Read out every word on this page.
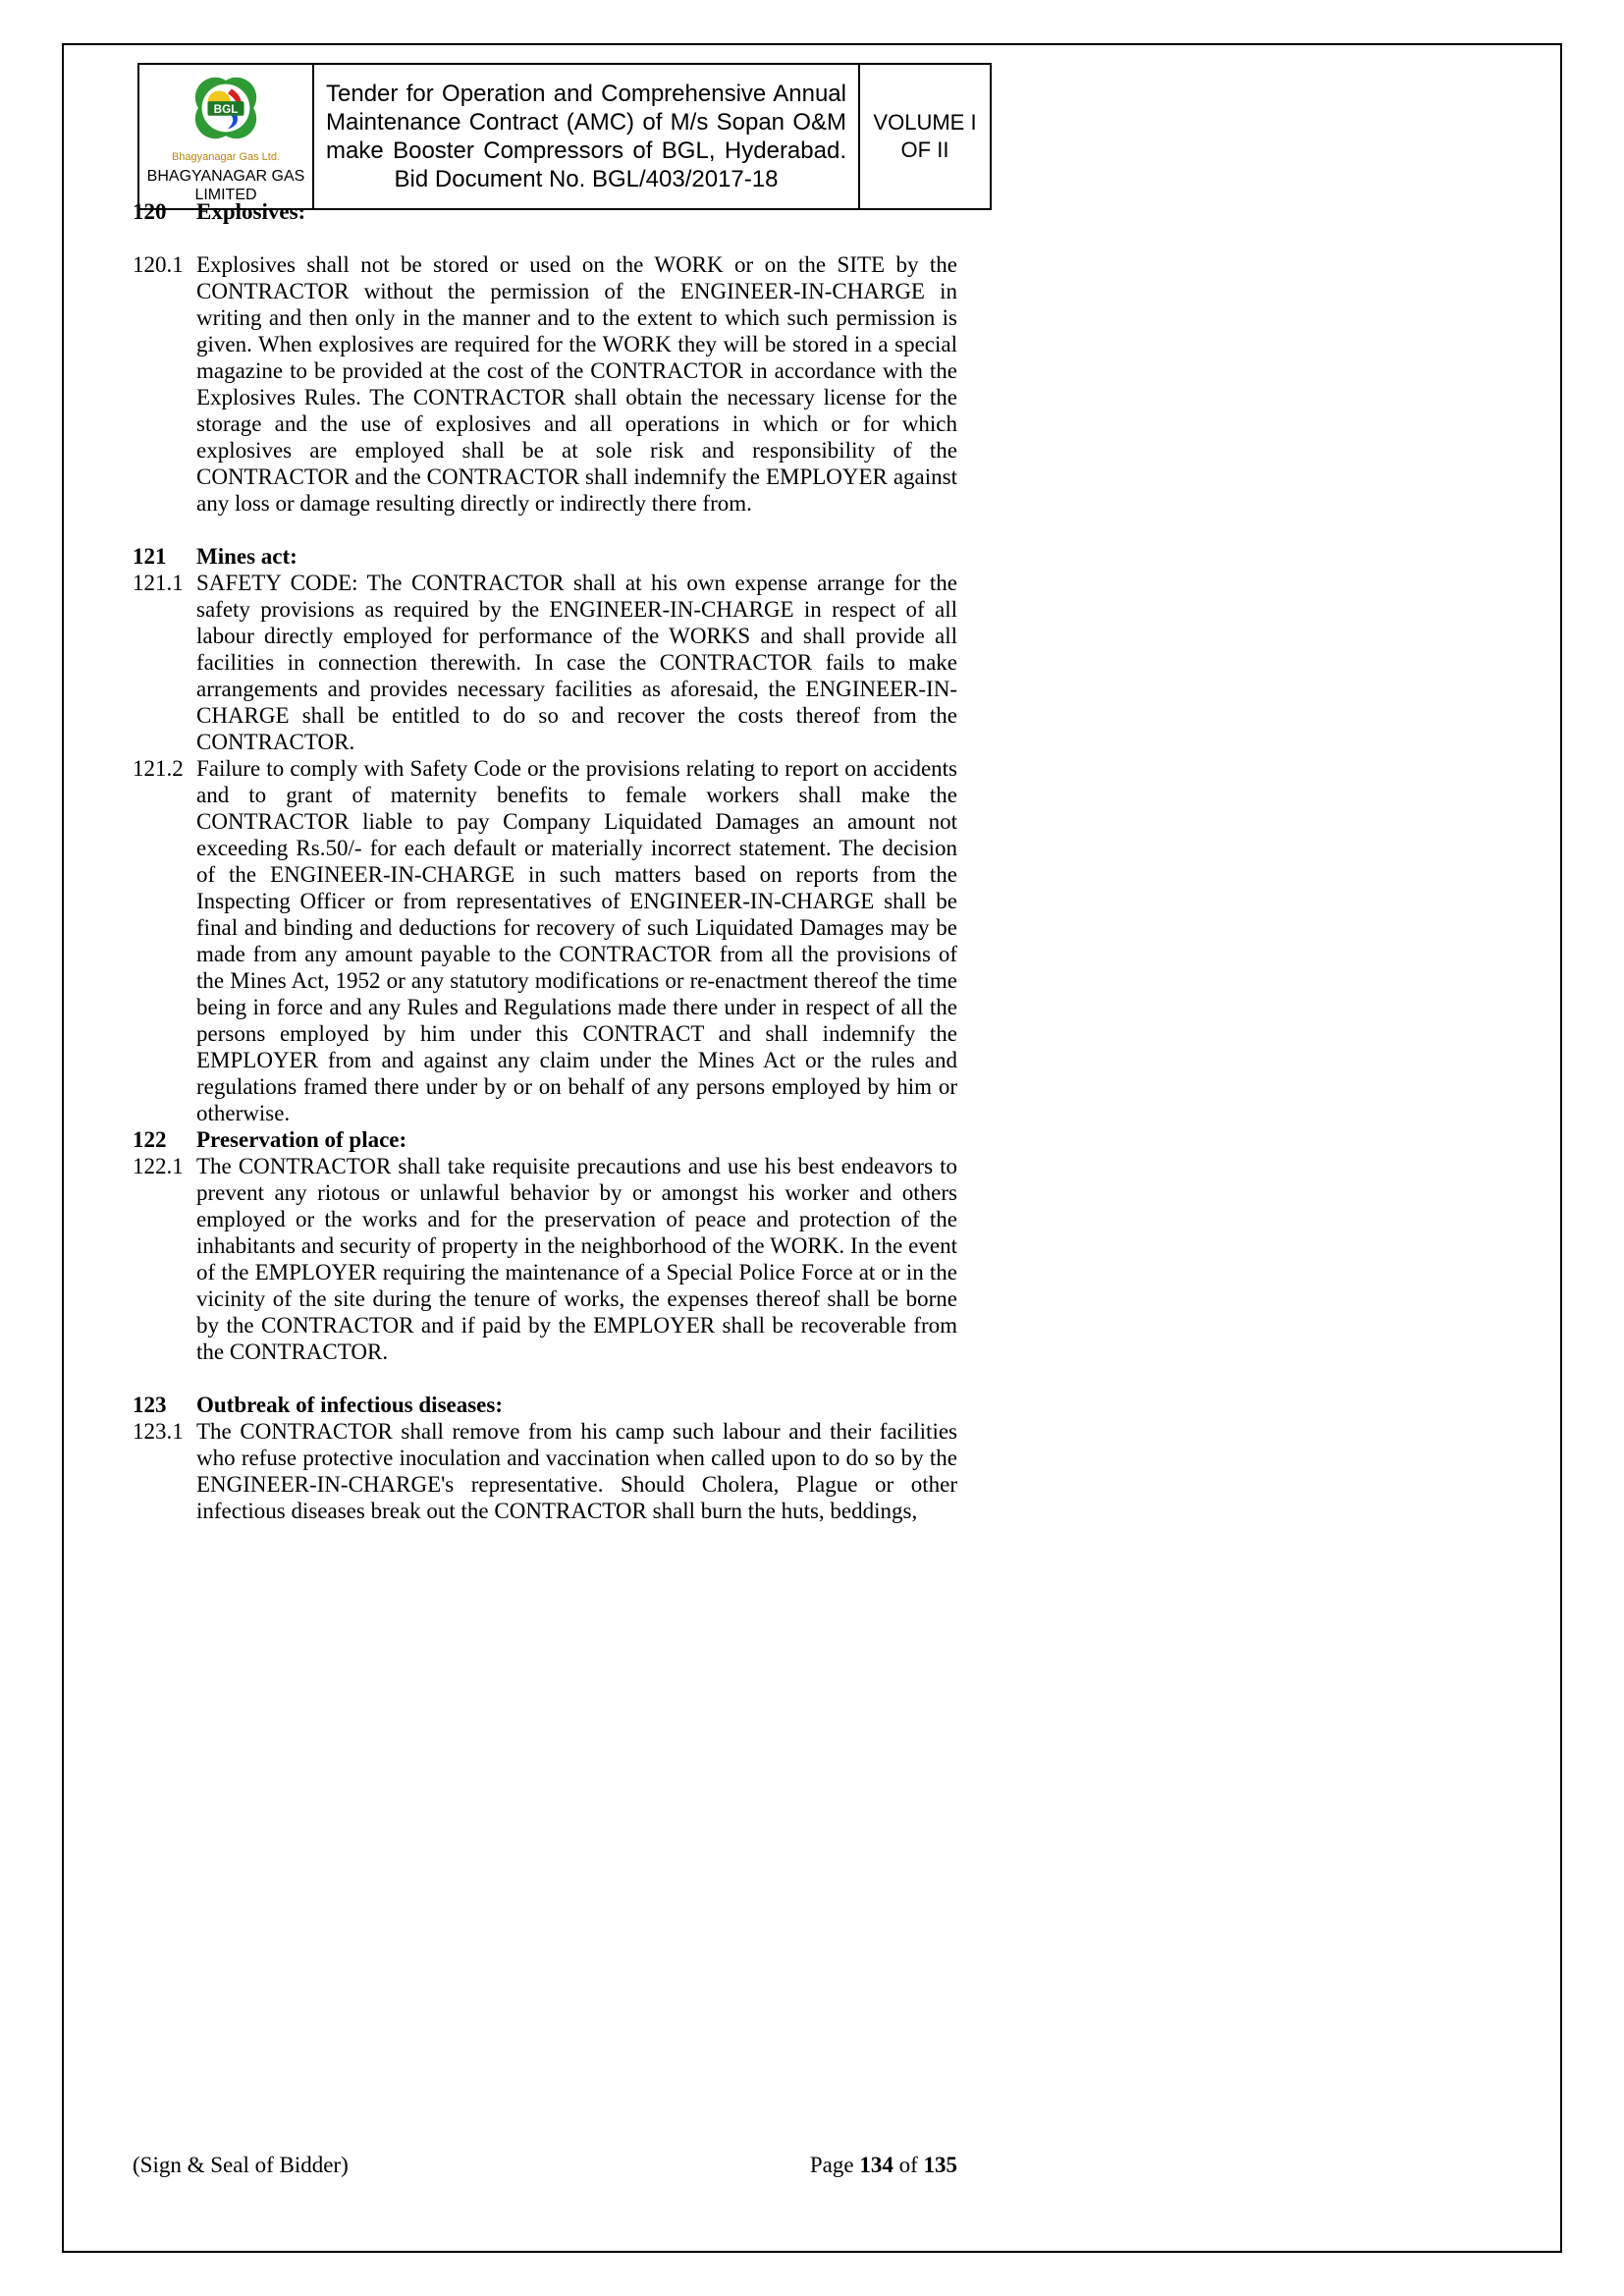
BGL
Bhagyanagar Gas Ltd.
BHAGYANAGAR GAS LIMITED

Tender for Operation and Comprehensive Annual
Maintenance Contract (AMC) of M/s Sopan O&M
make Booster Compressors of BGL, Hyderabad.
Bid Document No. BGL/403/2017-18

VOLUME I
OF II
120 Explosives:
120.1 Explosives shall not be stored or used on the WORK or on the SITE by the CONTRACTOR without the permission of the ENGINEER-IN-CHARGE in writing and then only in the manner and to the extent to which such permission is given. When explosives are required for the WORK they will be stored in a special magazine to be provided at the cost of the CONTRACTOR in accordance with the Explosives Rules. The CONTRACTOR shall obtain the necessary license for the storage and the use of explosives and all operations in which or for which explosives are employed shall be at sole risk and responsibility of the CONTRACTOR and the CONTRACTOR shall indemnify the EMPLOYER against any loss or damage resulting directly or indirectly there from.
121 Mines act:
121.1 SAFETY CODE: The CONTRACTOR shall at his own expense arrange for the safety provisions as required by the ENGINEER-IN-CHARGE in respect of all labour directly employed for performance of the WORKS and shall provide all facilities in connection therewith. In case the CONTRACTOR fails to make arrangements and provides necessary facilities as aforesaid, the ENGINEER-IN- CHARGE shall be entitled to do so and recover the costs thereof from the CONTRACTOR.
121.2 Failure to comply with Safety Code or the provisions relating to report on accidents and to grant of maternity benefits to female workers shall make the CONTRACTOR liable to pay Company Liquidated Damages an amount not exceeding Rs.50/- for each default or materially incorrect statement. The decision of the ENGINEER-IN-CHARGE in such matters based on reports from the Inspecting Officer or from representatives of ENGINEER-IN-CHARGE shall be final and binding and deductions for recovery of such Liquidated Damages may be made from any amount payable to the CONTRACTOR from all the provisions of the Mines Act, 1952 or any statutory modifications or re-enactment thereof the time being in force and any Rules and Regulations made there under in respect of all the persons employed by him under this CONTRACT and shall indemnify the EMPLOYER from and against any claim under the Mines Act or the rules and regulations framed there under by or on behalf of any persons employed by him or otherwise.
122 Preservation of place:
122.1 The CONTRACTOR shall take requisite precautions and use his best endeavors to prevent any riotous or unlawful behavior by or amongst his worker and others employed or the works and for the preservation of peace and protection of the inhabitants and security of property in the neighborhood of the WORK. In the event of the EMPLOYER requiring the maintenance of a Special Police Force at or in the vicinity of the site during the tenure of works, the expenses thereof shall be borne by the CONTRACTOR and if paid by the EMPLOYER shall be recoverable from the CONTRACTOR.
123 Outbreak of infectious diseases:
123.1 The CONTRACTOR shall remove from his camp such labour and their facilities who refuse protective inoculation and vaccination when called upon to do so by the ENGINEER-IN-CHARGE's representative. Should Cholera, Plague or other infectious diseases break out the CONTRACTOR shall burn the huts, beddings,
(Sign & Seal of Bidder)	Page 134 of 135
